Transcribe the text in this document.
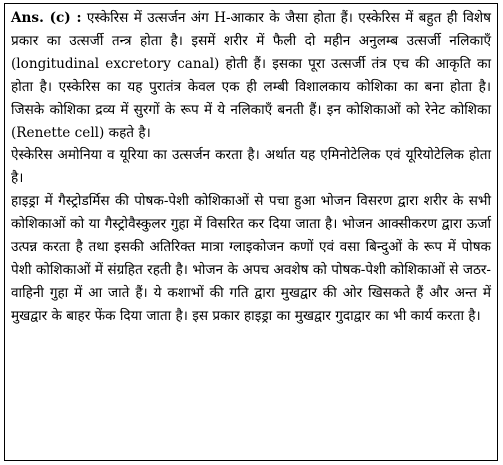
Ans. (c) : एस्केरिस में उत्सर्जन अंग H-आकार के जैसा होता हैं। एस्केरिस में बहुत ही विशेष प्रकार का उत्सर्जी तन्त्र होता है। इसमें शरीर में फैली दो महीन अनुलम्ब उत्सर्जी नलिकाएँ (longitudinal excretory canal) होती हैं। इसका पूरा उत्सर्जी तंत्र एच की आकृति का होता है। एस्केरिस का यह पुरातंत्र केवल एक ही लम्बी विशालकाय कोशिका का बना होता है। जिसके कोशिका द्रव्य में सुरगों के रूप में ये नलिकाएँ बनती हैं। इन कोशिकाओं को रेनेट कोशिका (Renette cell) कहते है।

ऐस्केरिस अमोनिया व यूरिया का उत्सर्जन करता है। अर्थात यह एमिनोटेलिक एवं यूरियोटेलिक होता है।

हाइड्रा में गैस्ट्रोडर्मिस की पोषक-पेशी कोशिकाओं से पचा हुआ भोजन विसरण द्वारा शरीर के सभी कोशिकाओं को या गैस्ट्रोवैस्कुलर गुहा में विसरित कर दिया जाता है। भोजन आक्सीकरण द्वारा ऊर्जा उत्पन्न करता है तथा इसकी अतिरिक्त मात्रा ग्लाइकोजन कणों एवं वसा बिन्दुओं के रूप में पोषक पेशी कोशिकाओं में संग्रहित रहती है। भोजन के अपच अवशेष को पोषक-पेशी कोशिकाओं से जठर-वाहिनी गुहा में आ जाते हैं। ये कशाभों की गति द्वारा मुखद्वार की ओर खिसकते हैं और अन्त में मुखद्वार के बाहर फेंक दिया जाता है। इस प्रकार हाइड्रा का मुखद्वार गुदाद्वार का भी कार्य करता है।
